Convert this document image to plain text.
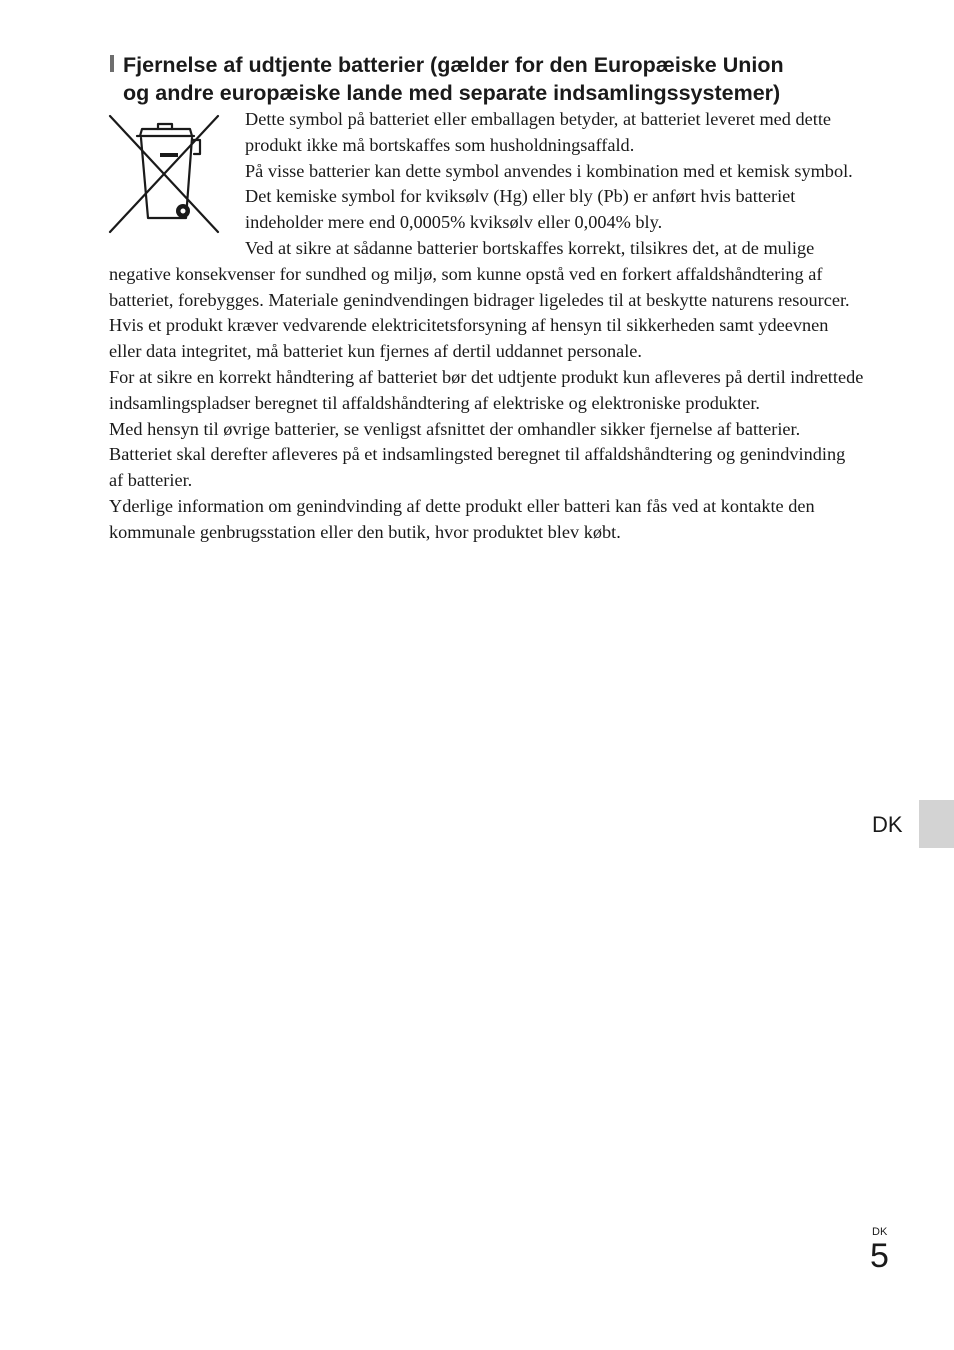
Fjernelse af udtjente batterier (gælder for den Europæiske Union
og andre europæiske lande med separate indsamlingssystemer)

Dette symbol på batteriet eller emballagen betyder, at batteriet leveret med dette produkt ikke må bortskaffes som husholdningsaffald.

På visse batterier kan dette symbol anvendes i kombination med et kemisk symbol. Det kemiske symbol for kviksølv (Hg) eller bly (Pb) er anført hvis batteriet indeholder mere end 0,0005% kviksølv eller 0,004% bly.

Ved at sikre at sådanne batterier bortskaffes korrekt, tilsikres det, at de mulige negative konsekvenser for sundhed og miljø, som kunne opstå ved en forkert affaldshåndtering af batteriet, forebygges. Materiale genindvendingen bidrager ligeledes til at beskytte naturens resourcer.

Hvis et produkt kræver vedvarende elektricitetsforsyning af hensyn til sikkerheden samt ydeevnen eller data integritet, må batteriet kun fjernes af dertil uddannet personale.

For at sikre en korrekt håndtering af batteriet bør det udtjente produkt kun afleveres på dertil indrettede indsamlingspladser beregnet til affaldshåndtering af elektriske og elektroniske produkter.

Med hensyn til øvrige batterier, se venligst afsnittet der omhandler sikker fjernelse af batterier. Batteriet skal derefter afleveres på et indsamlingsted beregnet til affaldshåndtering og genindvinding af batterier.

Yderlige information om genindvinding af dette produkt eller batteri kan fås ved at kontakte den kommunale genbrugsstation eller den butik, hvor produktet blev købt.

DK
DK
5
